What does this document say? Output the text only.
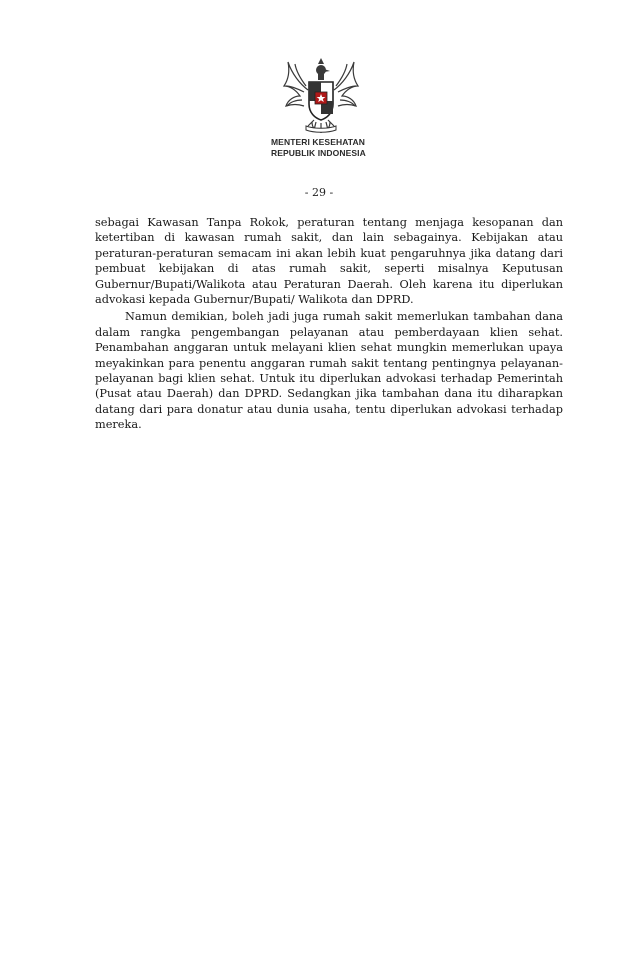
MENTERI KESEHATAN
REPUBLIK INDONESIA
- 29 -

sebagai Kawasan Tanpa Rokok, peraturan tentang menjaga kesopanan dan ketertiban di kawasan rumah sakit, dan lain sebagainya. Kebijakan atau peraturan-peraturan semacam ini akan lebih kuat pengaruhnya jika datang dari pembuat kebijakan di atas rumah sakit, seperti misalnya Keputusan Gubernur/Bupati/Walikota atau Peraturan Daerah. Oleh karena itu diperlukan advokasi kepada Gubernur/Bupati/ Walikota dan DPRD.

Namun demikian, boleh jadi juga rumah sakit memerlukan tambahan dana dalam rangka pengembangan pelayanan atau pemberdayaan klien sehat. Penambahan anggaran untuk melayani klien sehat mungkin memerlukan upaya meyakinkan para penentu anggaran rumah sakit tentang pentingnya pelayanan-pelayanan bagi klien sehat. Untuk itu diperlukan advokasi terhadap Pemerintah (Pusat atau Daerah) dan DPRD. Sedangkan jika tambahan dana itu diharapkan datang dari para donatur atau dunia usaha, tentu diperlukan advokasi terhadap mereka.
